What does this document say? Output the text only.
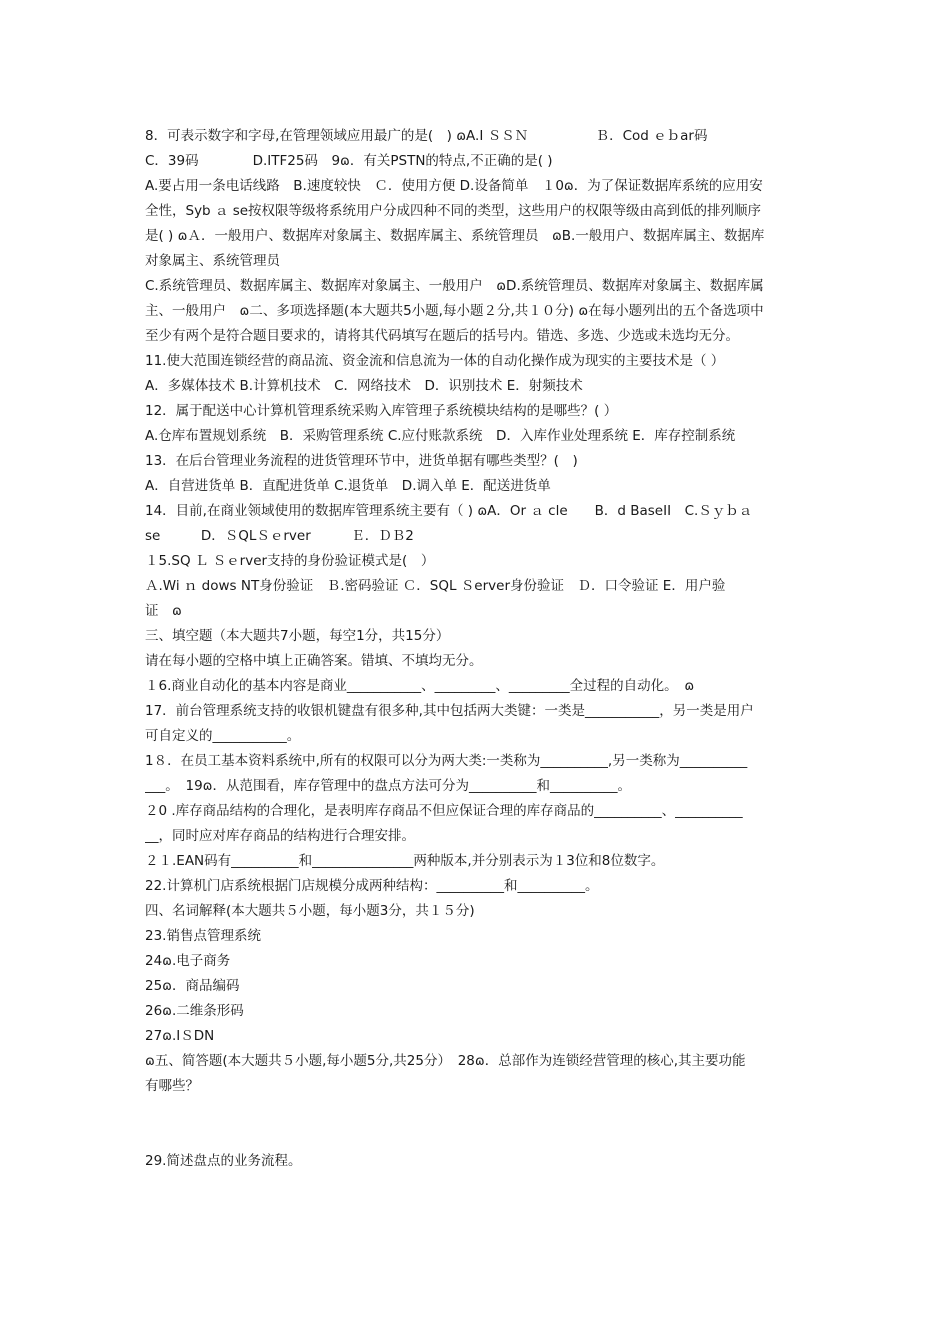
8．可表示数字和字母,在管理领域应用最广的是(　) ɷA.I ＳＳＮ　　　　　Ｂ．Cod ｅｂar码
C．39码　　　　D.ITF25码　9ɷ．有关PSTN的特点,不正确的是( )
A.要占用一条电话线路　B.速度较快　Ｃ．使用方便 D.设备简单　１0ɷ．为了保证数据库系统的应用安
全性，Syb ａ se按权限等级将系统用户分成四种不同的类型，这些用户的权限等级由高到低的排列顺序
是( ) ɷＡ．一般用户、数据库对象属主、数据库属主、系统管理员　ɷB.一般用户、数据库属主、数据库
对象属主、系统管理员
C.系统管理员、数据库属主、数据库对象属主、一般用户　ɷD.系统管理员、数据库对象属主、数据库属
主、一般用户　ɷ二、多项选择题(本大题共5小题,每小题２分,共１０分) ɷ在每小题列出的五个备选项中
至少有两个是符合题目要求的，请将其代码填写在题后的括号内。错选、多选、少选或未选均无分。
11.使大范围连锁经营的商品流、资金流和信息流为一体的自动化操作成为现实的主要技术是（ ）
A．多媒体技术 B.计算机技术　C．网络技术　D．识别技术 E．射频技术
12．属于配送中心计算机管理系统采购入库管理子系统模块结构的是哪些？( ）
A.仓库布置规划系统　B．采购管理系统 C.应付账款系统　D．入库作业处理系统 E．库存控制系统
13．在后台管理业务流程的进货管理环节中，进货单据有哪些类型？(　)
A．自营进货单 B．直配进货单 C.退货单　D.调入单 E．配送进货单
14．目前,在商业领域使用的数据库管理系统主要有（ ) ɷA．Or ａ cle　　B．d BaseII　C.Ｓｙｂａ
se　　　D．ＳQLＳｅrver　　　Ｅ．ＤＢ2
１5.SQ Ｌ Ｓｅrver支持的身份验证模式是(　）
Ａ.Wi ｎ dows NT身份验证　Ｂ.密码验证 Ｃ．SQL Ｓerver身份验证　Ｄ．口令验证 E．用户验
证　ɷ
三、填空题（本大题共7小题，每空1分，共15分）
请在每小题的空格中填上正确答案。错填、不填均无分。
１6.商业自动化的基本内容是商业___________、_________、_________全过程的自动化。　ɷ
17．前台管理系统支持的收银机键盘有很多种,其中包括两大类键：一类是___________，另一类是用户
可自定义的___________。
1８．在员工基本资料系统中,所有的权限可以分为两大类:一类称为__________,另一类称为__________
___。　19ɷ．从范围看，库存管理中的盘点方法可分为__________和__________。
２0 .库存商品结构的合理化，是表明库存商品不但应保证合理的库存商品的__________、__________
__，同时应对库存商品的结构进行合理安排。
２１.EAN码有__________和_______________两种版本,并分别表示为１3位和8位数字。
22.计算机门店系统根据门店规模分成两种结构：__________和__________。
四、名词解释(本大题共５小题，每小题3分，共１５分)
23.销售点管理系统
24ɷ.电子商务
25ɷ．商品编码
26ɷ.二维条形码
27ɷ.IＳDN
ɷ五、简答题(本大题共５小题,每小题5分,共25分）　28ɷ．总部作为连锁经营管理的核心,其主要功能
有哪些？
29.简述盘点的业务流程。
